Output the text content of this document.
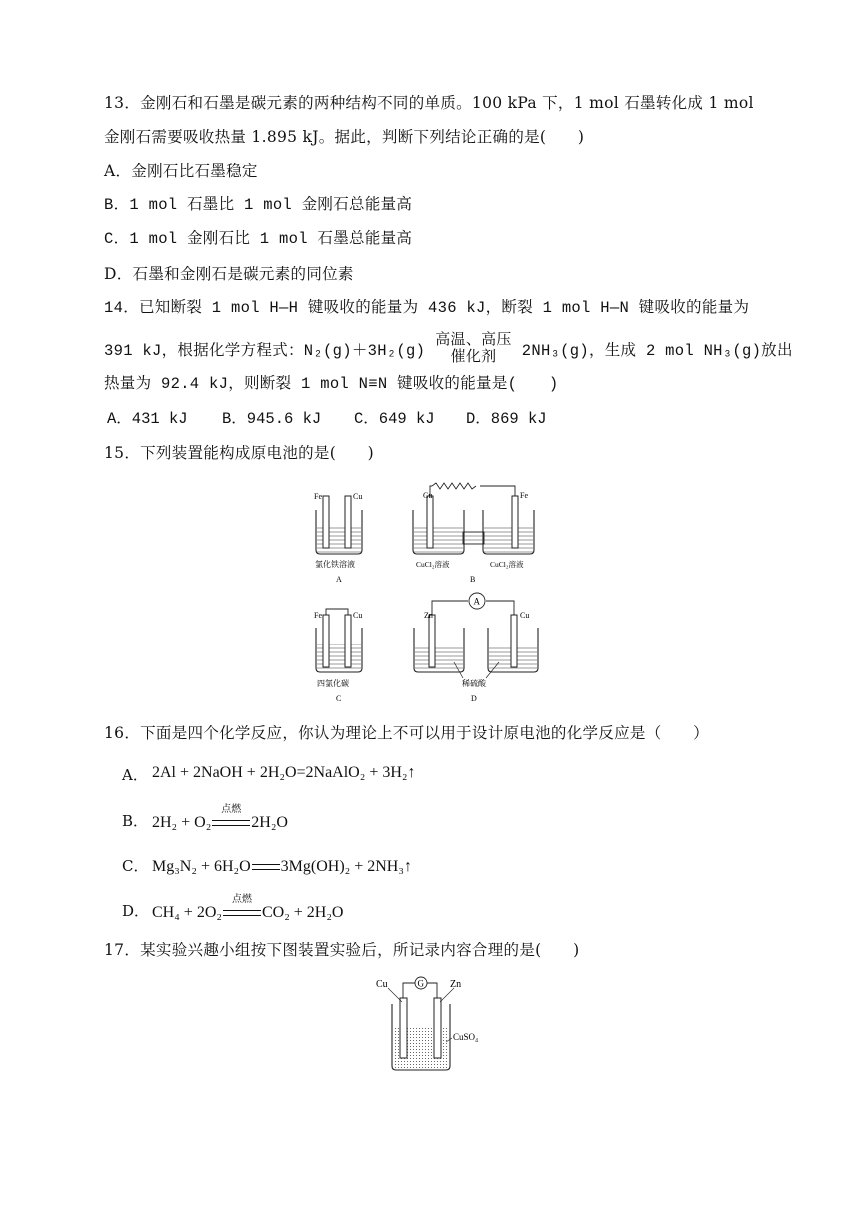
13．金刚石和石墨是碳元素的两种结构不同的单质。100 kPa 下，1 mol 石墨转化成 1 mol
金刚石需要吸收热量 1.895 kJ。据此，判断下列结论正确的是(　　)
A．金刚石比石墨稳定
B．1 mol 石墨比 1 mol 金刚石总能量高
C．1 mol 金刚石比 1 mol 石墨总能量高
D．石墨和金刚石是碳元素的同位素
14．已知断裂 1 mol H—H 键吸收的能量为 436 kJ，断裂 1 mol H—N 键吸收的能量为
391 kJ，根据化学方程式：N₂(g)＋3H₂(g)
高温、高压
催化剂	2NH₃(g)，生成 2 mol NH₃(g)放出
热量为 92.4 kJ，则断裂 1 mol N≡N 键吸收的能量是(　　)
A．431 kJ B．945.6 kJ C．649 kJ D．869 kJ
15．下列装置能构成原电池的是(　　)
Fe	Cu
氯化铁溶液
A
Cu	Fe
CuCl₂溶液	CuCl₂溶液
B
Fe	Cu
四氯化碳
C
A
Zn	Cu
稀硫酸
D
16．下面是四个化学反应，你认为理论上不可以用于设计原电池的化学反应是（　　）
A． 2Al + 2NaOH + 2H₂O=2NaAlO₂ + 3H₂↑
B． 2H₂ + O₂
点燃
2H₂O
C． Mg₃N₂ + 6H₂O 3Mg(OH)₂ + 2NH₃↑
D． CH₄ + 2O₂
点燃
CO₂ + 2H₂O
17．某实验兴趣小组按下图装置实验后，所记录内容合理的是(　　)
G
Cu	Zn
CuSO₄
